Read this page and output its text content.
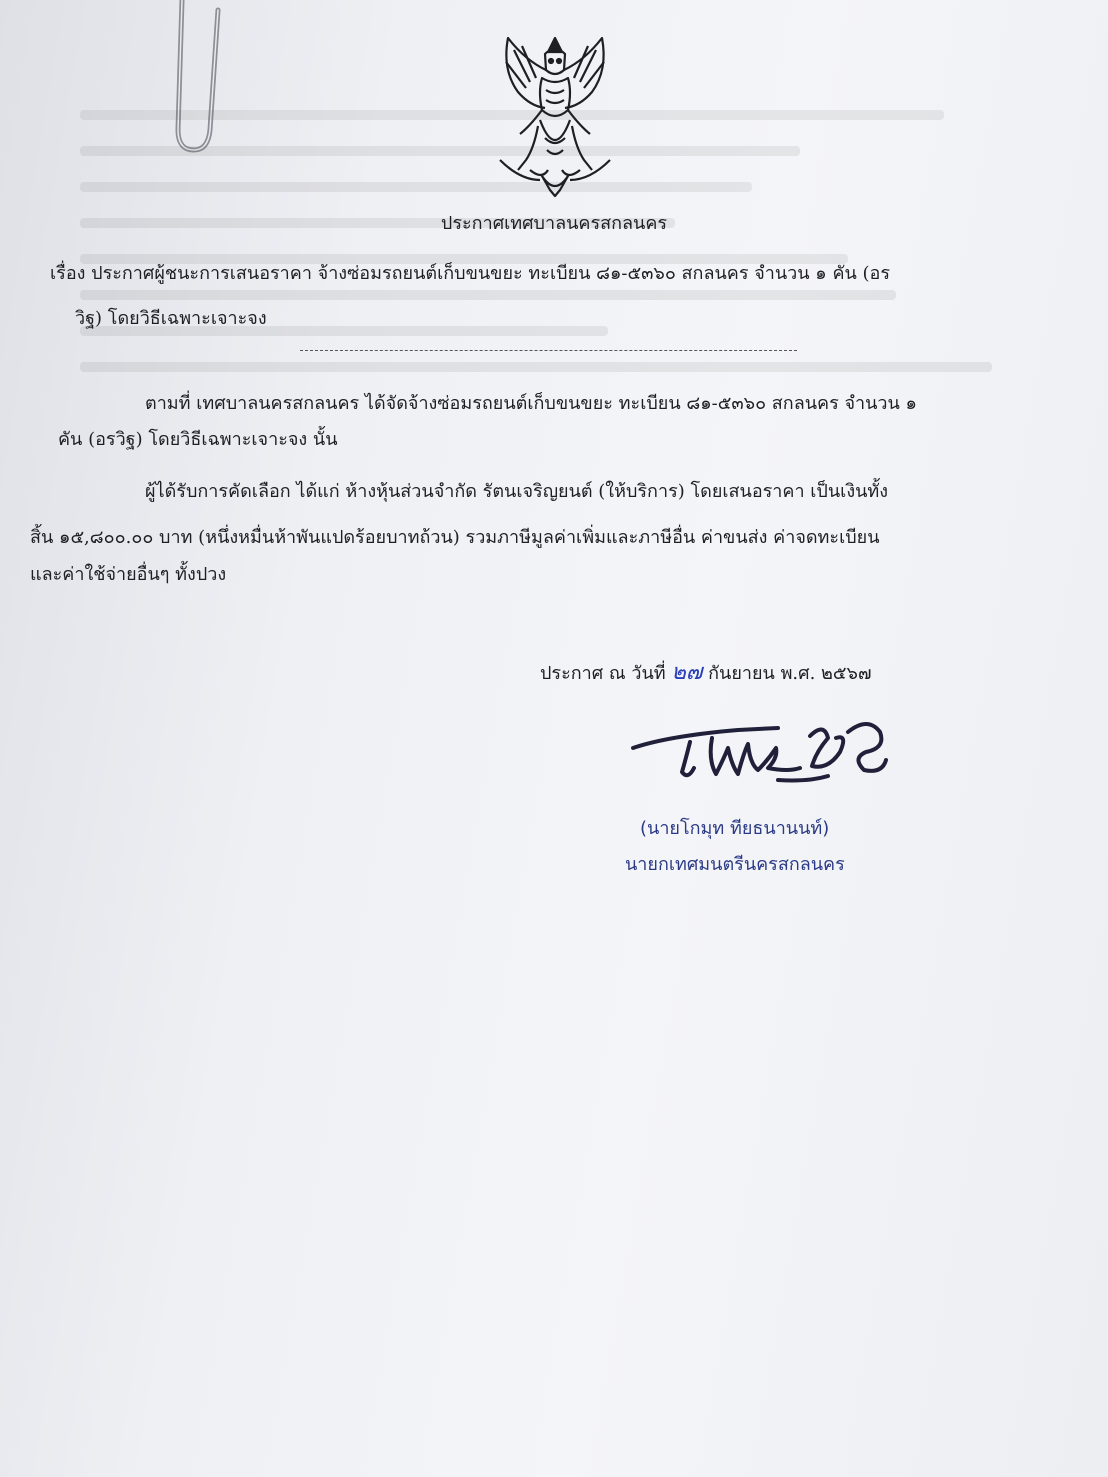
ประกาศเทศบาลนครสกลนคร
เรื่อง ประกาศผู้ชนะการเสนอราคา จ้างซ่อมรถยนต์เก็บขนขยะ ทะเบียน ๘๑-๕๓๖๐ สกลนคร จำนวน ๑ คัน (อร
วิฐ) โดยวิธีเฉพาะเจาะจง
ตามที่ เทศบาลนครสกลนคร ได้จัดจ้างซ่อมรถยนต์เก็บขนขยะ ทะเบียน ๘๑-๕๓๖๐ สกลนคร จำนวน ๑
คัน (อรวิฐ) โดยวิธีเฉพาะเจาะจง นั้น
ผู้ได้รับการคัดเลือก ได้แก่ ห้างหุ้นส่วนจำกัด รัตนเจริญยนต์ (ให้บริการ) โดยเสนอราคา เป็นเงินทั้ง
สิ้น ๑๕,๘๐๐.๐๐ บาท (หนึ่งหมื่นห้าพันแปดร้อยบาทถ้วน) รวมภาษีมูลค่าเพิ่มและภาษีอื่น ค่าขนส่ง ค่าจดทะเบียน
และค่าใช้จ่ายอื่นๆ ทั้งปวง
ประกาศ ณ วันที่ ๒๗ กันยายน พ.ศ. ๒๕๖๗
(นายโกมุท ทียธนานนท์)
นายกเทศมนตรีนครสกลนคร
